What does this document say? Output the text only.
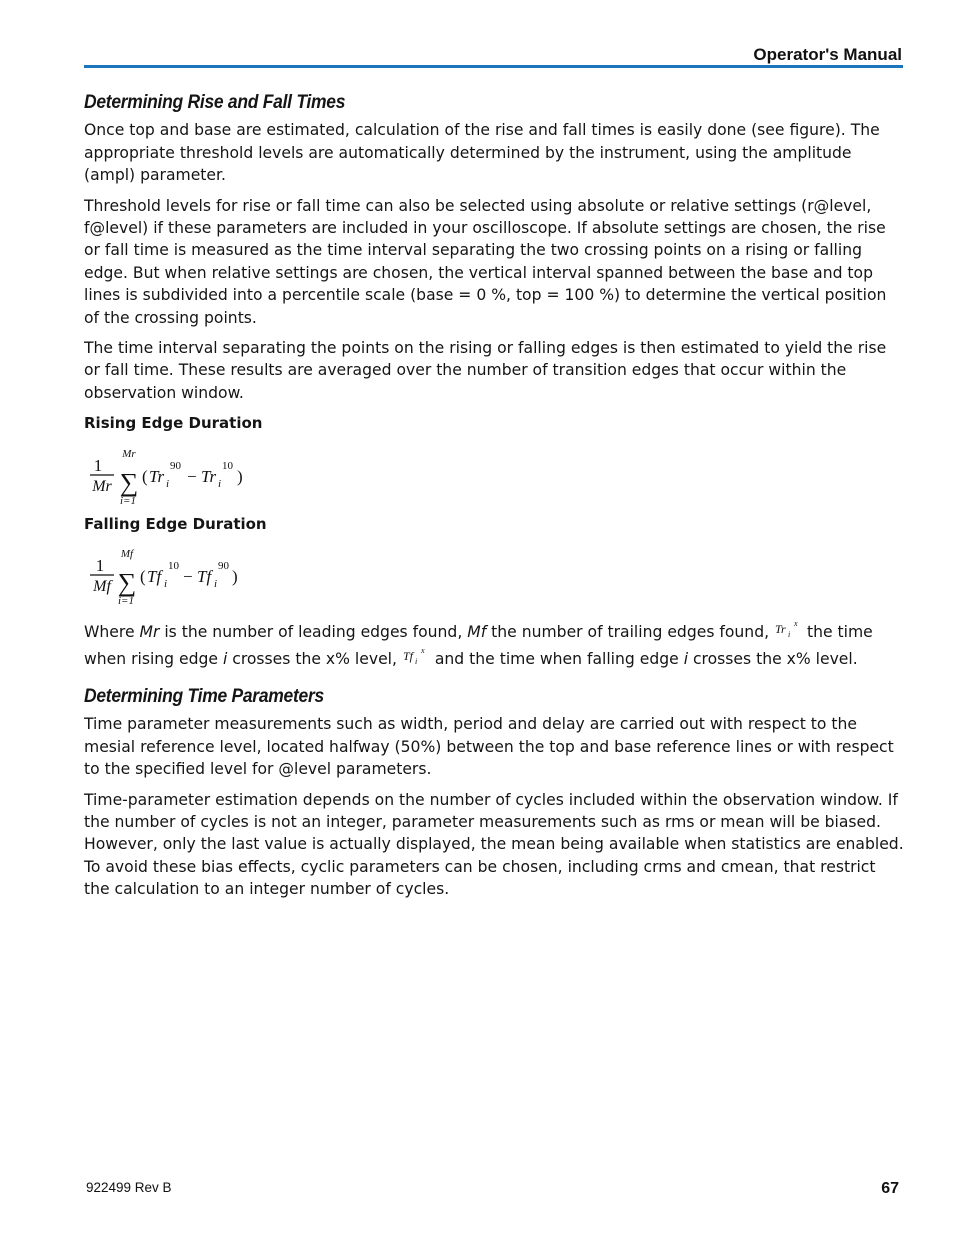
Operator's Manual
Determining Rise and Fall Times

Once top and base are estimated, calculation of the rise and fall times is easily done (see figure). The appropriate threshold levels are automatically determined by the instrument, using the amplitude (ampl) parameter.

Threshold levels for rise or fall time can also be selected using absolute or relative settings (r@level, f@level) if these parameters are included in your oscilloscope. If absolute settings are chosen, the rise or fall time is measured as the time interval separating the two crossing points on a rising or falling edge. But when relative settings are chosen, the vertical interval spanned between the base and top lines is subdivided into a percentile scale (base = 0 %, top = 100 %) to determine the vertical position of the crossing points.

The time interval separating the points on the rising or falling edges is then estimated to yield the rise or fall time. These results are averaged over the number of transition edges that occur within the observation window.

Rising Edge Duration
1
Mr
Mr
∑
i=1
( Tr i
90
− Tr i
10
)
Falling Edge Duration
1
Mf
Mf
∑
i=1
( Tf i
10
− Tf i
90
)

Where Mr is the number of leading edges found, Mf the number of trailing edges found, Tr i
x the time when rising edge i crosses the x% level, Tf i
x and the time when falling edge i crosses the x% level.

Determining Time Parameters

Time parameter measurements such as width, period and delay are carried out with respect to the mesial reference level, located halfway (50%) between the top and base reference lines or with respect to the specified level for @level parameters.

Time-parameter estimation depends on the number of cycles included within the observation window. If the number of cycles is not an integer, parameter measurements such as rms or mean will be biased. However, only the last value is actually displayed, the mean being available when statistics are enabled. To avoid these bias effects, cyclic parameters can be chosen, including crms and cmean, that restrict the calculation to an integer number of cycles.

922499 Rev B	67
